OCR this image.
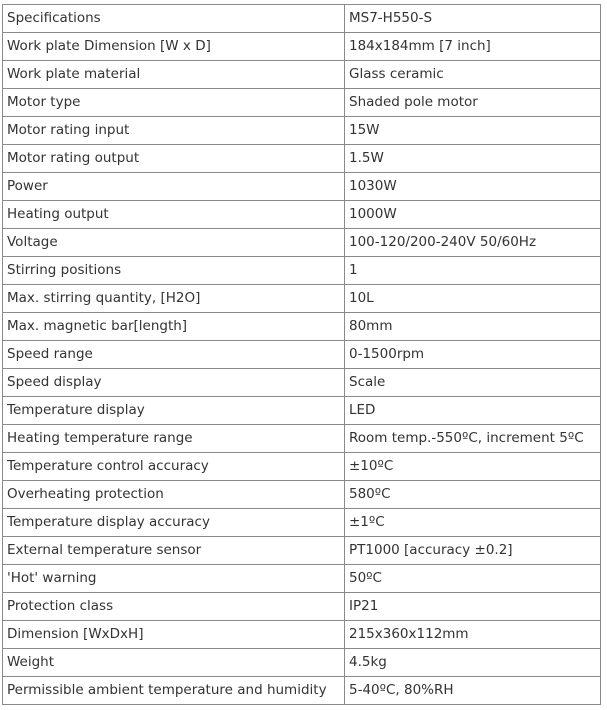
Specifications	MS7-H550-S
Work plate Dimension [W x D]	184x184mm [7 inch]
Work plate material	Glass ceramic
Motor type	Shaded pole motor
Motor rating input	15W
Motor rating output	1.5W
Power	1030W
Heating output	1000W
Voltage	100-120/200-240V 50/60Hz
Stirring positions	1
Max. stirring quantity, [H2O]	10L
Max. magnetic bar[length]	80mm
Speed range	0-1500rpm
Speed display	Scale
Temperature display	LED
Heating temperature range	Room temp.-550ºC, increment 5ºC
Temperature control accuracy	±10ºC
Overheating protection	580ºC
Temperature display accuracy	±1ºC
External temperature sensor	PT1000 [accuracy ±0.2]
'Hot' warning	50ºC
Protection class	IP21
Dimension [WxDxH]	215x360x112mm
Weight	4.5kg
Permissible ambient temperature and humidity	5-40ºC, 80%RH
